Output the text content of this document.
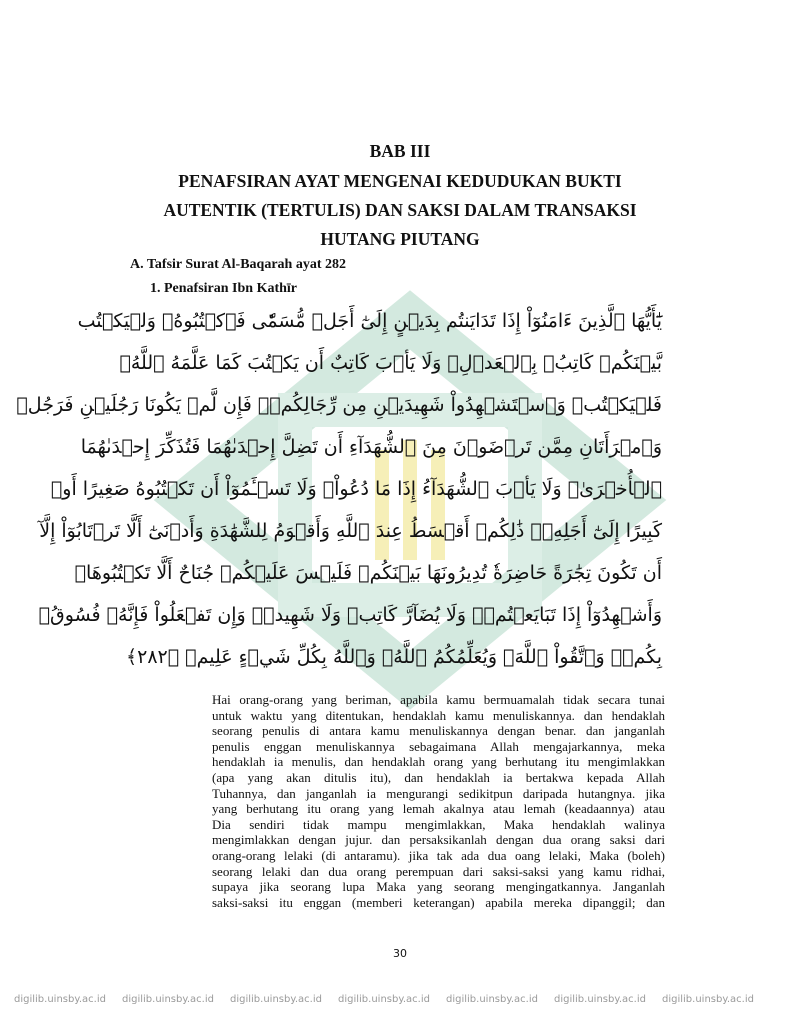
BAB III
PENAFSIRAN AYAT MENGENAI KEDUDUKAN BUKTI
AUTENTIK (TERTULIS) DAN SAKSI DALAM TRANSAKSI
HUTANG PIUTANG
A. Tafsir Surat Al-Baqarah ayat 282
1. Penafsiran Ibn Kathīr
يَٰٓأَيُّهَا ٱلَّذِينَ ءَامَنُوٓاْ إِذَا تَدَايَنتُم بِدَيۡنٍ إِلَىٰٓ أَجَلٖ مُّسَمّٗى فَٱكۡتُبُوهُۚ وَلۡيَكۡتُب
بَّيۡنَكُمۡ كَاتِبُۢ بِٱلۡعَدۡلِۚ وَلَا يَأۡبَ كَاتِبٌ أَن يَكۡتُبَ كَمَا عَلَّمَهُ ٱللَّهُۚ
فَلۡيَكۡتُبۡ وَٱسۡتَشۡهِدُواْ شَهِيدَيۡنِ مِن رِّجَالِكُمۡۖ فَإِن لَّمۡ يَكُونَا رَجُلَيۡنِ فَرَجُلٞ
وَٱمۡرَأَتَانِ مِمَّن تَرۡضَوۡنَ مِنَ ٱلشُّهَدَآءِ أَن تَضِلَّ إِحۡدَىٰهُمَا فَتُذَكِّرَ إِحۡدَىٰهُمَا
ٱلۡأُخۡرَىٰۚ وَلَا يَأۡبَ ٱلشُّهَدَآءُ إِذَا مَا دُعُواْۚ وَلَا تَسۡـَٔمُوٓاْ أَن تَكۡتُبُوهُ صَغِيرًا أَوۡ
كَبِيرًا إِلَىٰٓ أَجَلِهِۦۚ ذَٰلِكُمۡ أَقۡسَطُ عِندَ ٱللَّهِ وَأَقۡوَمُ لِلشَّهَٰدَةِ وَأَدۡنَىٰٓ أَلَّا تَرۡتَابُوٓاْ إِلَّآ
أَن تَكُونَ تِجَٰرَةً حَاضِرَةٗ تُدِيرُونَهَا بَيۡنَكُمۡ فَلَيۡسَ عَلَيۡكُمۡ جُنَاحٌ أَلَّا تَكۡتُبُوهَاۗ
وَأَشۡهِدُوٓاْ إِذَا تَبَايَعۡتُمۡۚ وَلَا يُضَآرَّ كَاتِبٞ وَلَا شَهِيدٞۚ وَإِن تَفۡعَلُواْ فَإِنَّهُۥ فُسُوقُۢ
بِكُمۡۗ وَٱتَّقُواْ ٱللَّهَۖ وَيُعَلِّمُكُمُ ٱللَّهُۗ وَٱللَّهُ بِكُلِّ شَيۡءٍ عَلِيمٞ ﴿٢٨٢﴾
Hai orang-orang yang beriman, apabila kamu bermuamalah tidak secara tunai
untuk waktu yang ditentukan, hendaklah kamu menuliskannya. dan hendaklah
seorang penulis di antara kamu menuliskannya dengan benar. dan janganlah
penulis enggan menuliskannya sebagaimana Allah mengajarkannya, meka
hendaklah ia menulis, dan hendaklah orang yang berhutang itu mengimlakkan
(apa yang akan ditulis itu), dan hendaklah ia bertakwa kepada Allah
Tuhannya, dan janganlah ia mengurangi sedikitpun daripada hutangnya. jika
yang berhutang itu orang yang lemah akalnya atau lemah (keadaannya) atau
Dia sendiri tidak mampu mengimlakkan, Maka hendaklah walinya
mengimlakkan dengan jujur. dan persaksikanlah dengan dua orang saksi dari
orang-orang lelaki (di antaramu). jika tak ada dua oang lelaki, Maka (boleh)
seorang lelaki dan dua orang perempuan dari saksi-saksi yang kamu ridhai,
supaya jika seorang lupa Maka yang seorang mengingatkannya. Janganlah
saksi-saksi itu enggan (memberi keterangan) apabila mereka dipanggil; dan
30
digilib.uinsby.ac.id digilib.uinsby.ac.id digilib.uinsby.ac.id digilib.uinsby.ac.id digilib.uinsby.ac.id digilib.uinsby.ac.id digilib.uinsby.ac.id
